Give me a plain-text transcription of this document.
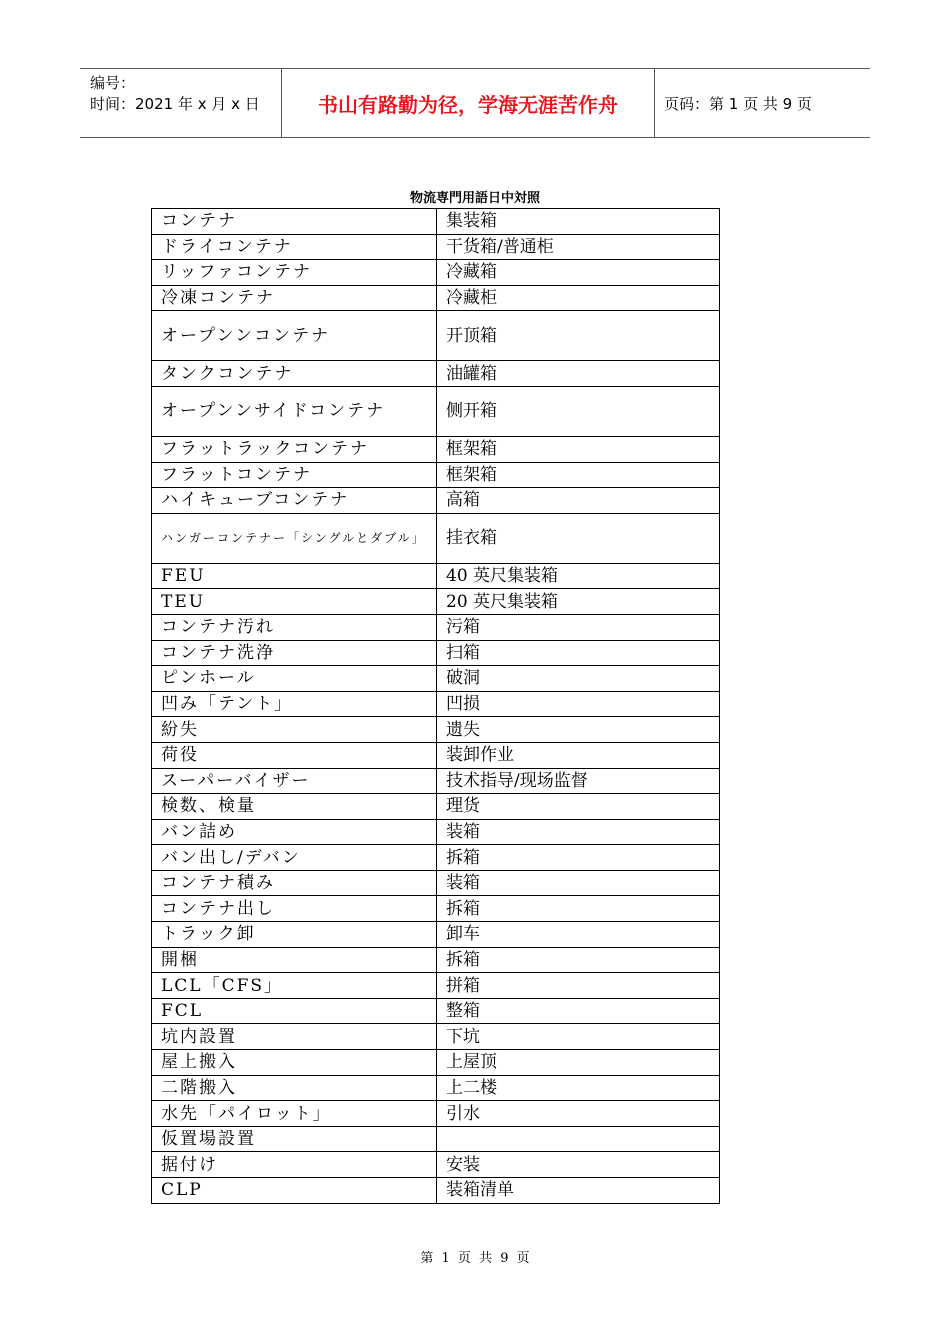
编号：
时间：2021 年 x 月 x 日	书山有路勤为径，学海无涯苦作舟	页码：第 1 页 共 9 页
物流専門用語日中対照
コンテナ	集装箱
ドライコンテナ	干货箱/普通柜
リッファコンテナ	冷藏箱
冷凍コンテナ	冷藏柜
オープンンコンテナ	开顶箱
タンクコンテナ	油罐箱
オープンンサイドコンテナ	侧开箱
フラットラックコンテナ	框架箱
フラットコンテナ	框架箱
ハイキューブコンテナ	高箱
ハンガーコンテナー「シングルとダブル」	挂衣箱
FEU	40 英尺集装箱
TEU	20 英尺集装箱
コンテナ汚れ	污箱
コンテナ洗浄	扫箱
ピンホール	破洞
凹み「テント」	凹损
紛失	遗失
荷役	装卸作业
スーパーバイザー	技术指导/现场监督
検数、検量	理货
バン詰め	装箱
バン出し/デバン	拆箱
コンテナ積み	装箱
コンテナ出し	拆箱
トラック卸	卸车
開梱	拆箱
LCL「CFS」	拼箱
FCL	整箱
坑内設置	下坑
屋上搬入	上屋顶
二階搬入	上二楼
水先「パイロット」	引水
仮置場設置	
据付け	安装
CLP	装箱清单
第 1 页 共 9 页
